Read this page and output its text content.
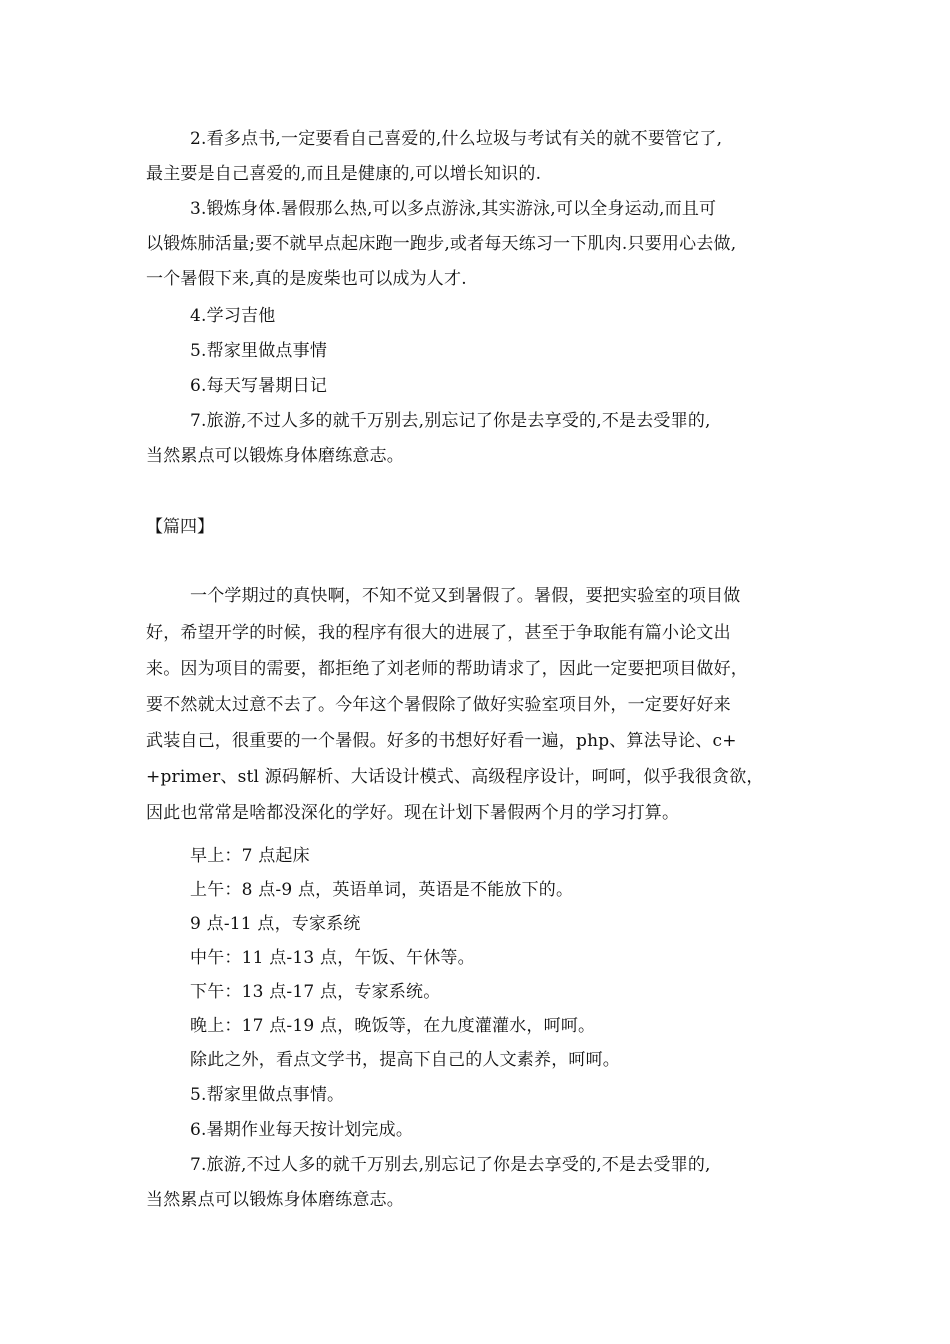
2.看多点书,一定要看自己喜爱的,什么垃圾与考试有关的就不要管它了,
最主要是自己喜爱的,而且是健康的,可以增长知识的.
3.锻炼身体.暑假那么热,可以多点游泳,其实游泳,可以全身运动,而且可
以锻炼肺活量;要不就早点起床跑一跑步,或者每天练习一下肌肉.只要用心去做,
一个暑假下来,真的是废柴也可以成为人才.
4.学习吉他
5.帮家里做点事情
6.每天写暑期日记
7.旅游,不过人多的就千万别去,别忘记了你是去享受的,不是去受罪的,
当然累点可以锻炼身体磨练意志。
【篇四】
一个学期过的真快啊，不知不觉又到暑假了。暑假，要把实验室的项目做
好，希望开学的时候，我的程序有很大的进展了，甚至于争取能有篇小论文出
来。因为项目的需要，都拒绝了刘老师的帮助请求了，因此一定要把项目做好，
要不然就太过意不去了。今年这个暑假除了做好实验室项目外，一定要好好来
武装自己，很重要的一个暑假。好多的书想好好看一遍，php、算法导论、c+
+primer、stl 源码解析、大话设计模式、高级程序设计，呵呵，似乎我很贪欲，
因此也常常是啥都没深化的学好。现在计划下暑假两个月的学习打算。
早上：7 点起床
上午：8 点-9 点，英语单词，英语是不能放下的。
9 点-11 点，专家系统
中午：11 点-13 点，午饭、午休等。
下午：13 点-17 点，专家系统。
晚上：17 点-19 点，晚饭等，在九度灌灌水，呵呵。
除此之外，看点文学书，提高下自己的人文素养，呵呵。
5.帮家里做点事情。
6.暑期作业每天按计划完成。
7.旅游,不过人多的就千万别去,别忘记了你是去享受的,不是去受罪的,
当然累点可以锻炼身体磨练意志。
